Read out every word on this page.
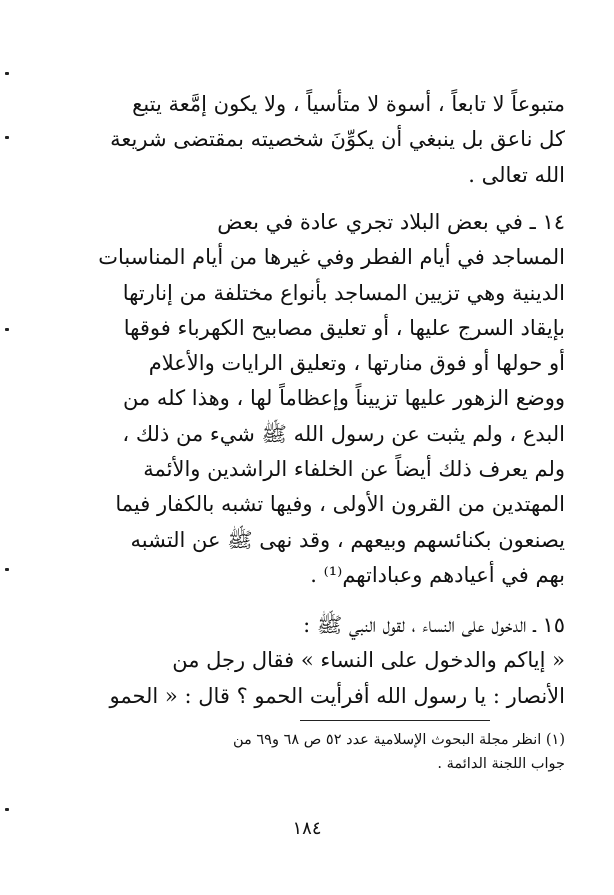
متبوعاً لا تابعاً ، أسوة لا متأسياً ، ولا يكون إمَّعة يتبع
كل ناعق بل ينبغي أن يكوِّنَ شخصيته بمقتضى شريعة
الله تعالى .
١٤ ـ في بعض البلاد تجري عادة في بعض
المساجد في أيام الفطر وفي غيرها من أيام المناسبات
الدينية وهي تزيين المساجد بأنواع مختلفة من إنارتها
بإيقاد السرج عليها ، أو تعليق مصابيح الكهرباء فوقها
أو حولها أو فوق منارتها ، وتعليق الرايات والأعلام
ووضع الزهور عليها تزييناً وإعظاماً لها ، وهذا كله من
البدع ، ولم يثبت عن رسول الله ﷺ شيء من ذلك ،
ولم يعرف ذلك أيضاً عن الخلفاء الراشدين والأئمة
المهتدين من القرون الأولى ، وفيها تشبه بالكفار فيما
يصنعون بكنائسهم وبيعهم ، وقد نهى ﷺ عن التشبه
بهم في أعيادهم وعباداتهم⁽¹⁾ .
١٥ ـ الدخول على النساء ، لقول النبي ﷺ :
« إياكم والدخول على النساء » فقال رجل من
الأنصار : يا رسول الله أفرأيت الحمو ؟ قال : « الحمو
(١) انظر مجلة البحوث الإسلامية عدد ٥٢ ص ٦٨ و٦٩ من
جواب اللجنة الدائمة .
١٨٤
